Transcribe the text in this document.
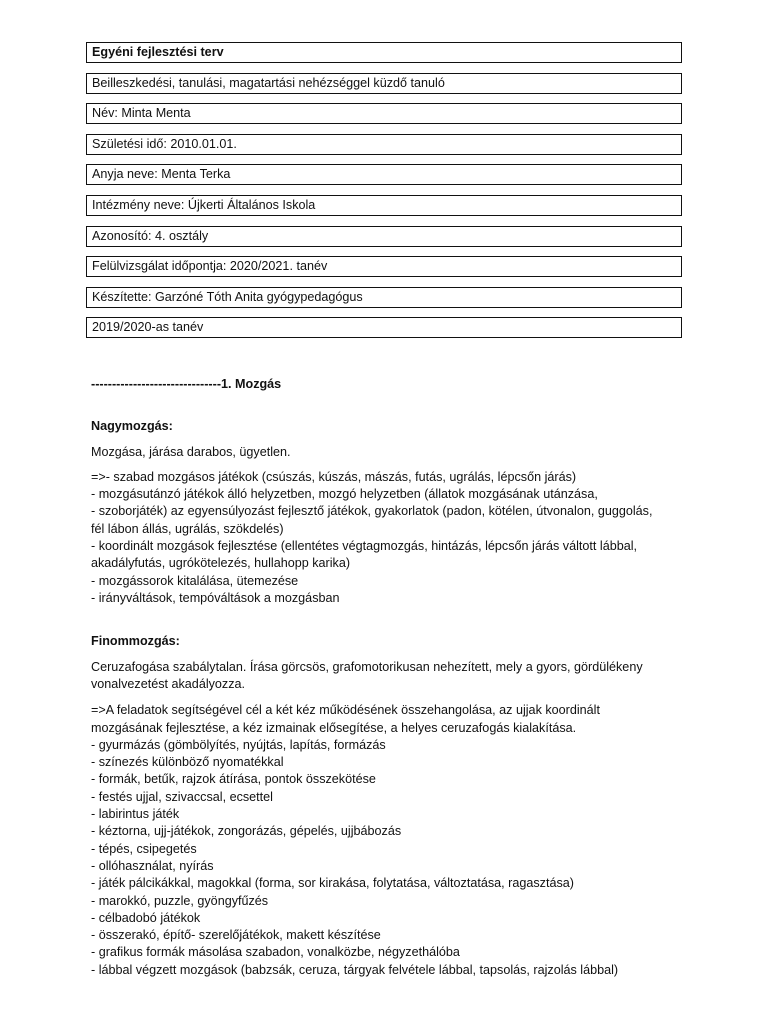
Egyéni fejlesztési terv
Beilleszkedési, tanulási, magatartási nehézséggel küzdő tanuló
Név: Minta Menta
Születési idő: 2010.01.01.
Anyja neve: Menta Terka
Intézmény neve: Újkerti Általános Iskola
Azonosító: 4. osztály
Felülvizsgálat időpontja: 2020/2021. tanév
Készítette: Garzóné Tóth Anita gyógypedagógus
2019/2020-as tanév
-------------------------------1. Mozgás
Nagymozgás:
Mozgása, járása darabos, ügyetlen.
=>- szabad mozgásos játékok (csúszás, kúszás, mászás, futás, ugrálás, lépcsőn járás)
- mozgásutánzó játékok álló helyzetben, mozgó helyzetben (állatok mozgásának utánzása,
- szoborjáték) az egyensúlyozást fejlesztő játékok, gyakorlatok (padon, kötélen, útvonalon, guggolás,
fél lábon állás, ugrálás, szökdelés)
- koordinált mozgások fejlesztése (ellentétes végtagmozgás, hintázás, lépcsőn járás váltott lábbal,
akadályfutás, ugrókötelezés, hullahopp karika)
- mozgássorok kitalálása, ütemezése
- irányváltások, tempóváltások a mozgásban
Finommozgás:
Ceruzafogása szabálytalan. Írása görcsös, grafomotorikusan nehezített, mely a gyors, gördülékeny
vonalvezetést akadályozza.
=>A feladatok segítségével cél a két kéz működésének összehangolása, az ujjak koordinált
mozgásának fejlesztése, a kéz izmainak elősegítése, a helyes ceruzafogás kialakítása.
- gyurmázás (gömbölyítés, nyújtás, lapítás, formázás
- színezés különböző nyomatékkal
- formák, betűk, rajzok átírása, pontok összekötése
- festés ujjal, szivaccsal, ecsettel
- labirintus játék
- kéztorna, ujj-játékok, zongorázás, gépelés, ujjbábozás
- tépés, csipegetés
- ollóhasználat, nyírás
- játék pálcikákkal, magokkal (forma, sor kirakása, folytatása, változtatása, ragasztása)
- marokkó, puzzle, gyöngyfűzés
- célbadobó játékok
- összerakó, építő- szerelőjátékok, makett készítése
- grafikus formák másolása szabadon, vonalközbe, négyzethálóba
- lábbal végzett mozgások (babzsák, ceruza, tárgyak felvétele lábbal, tapsolás, rajzolás lábbal)
